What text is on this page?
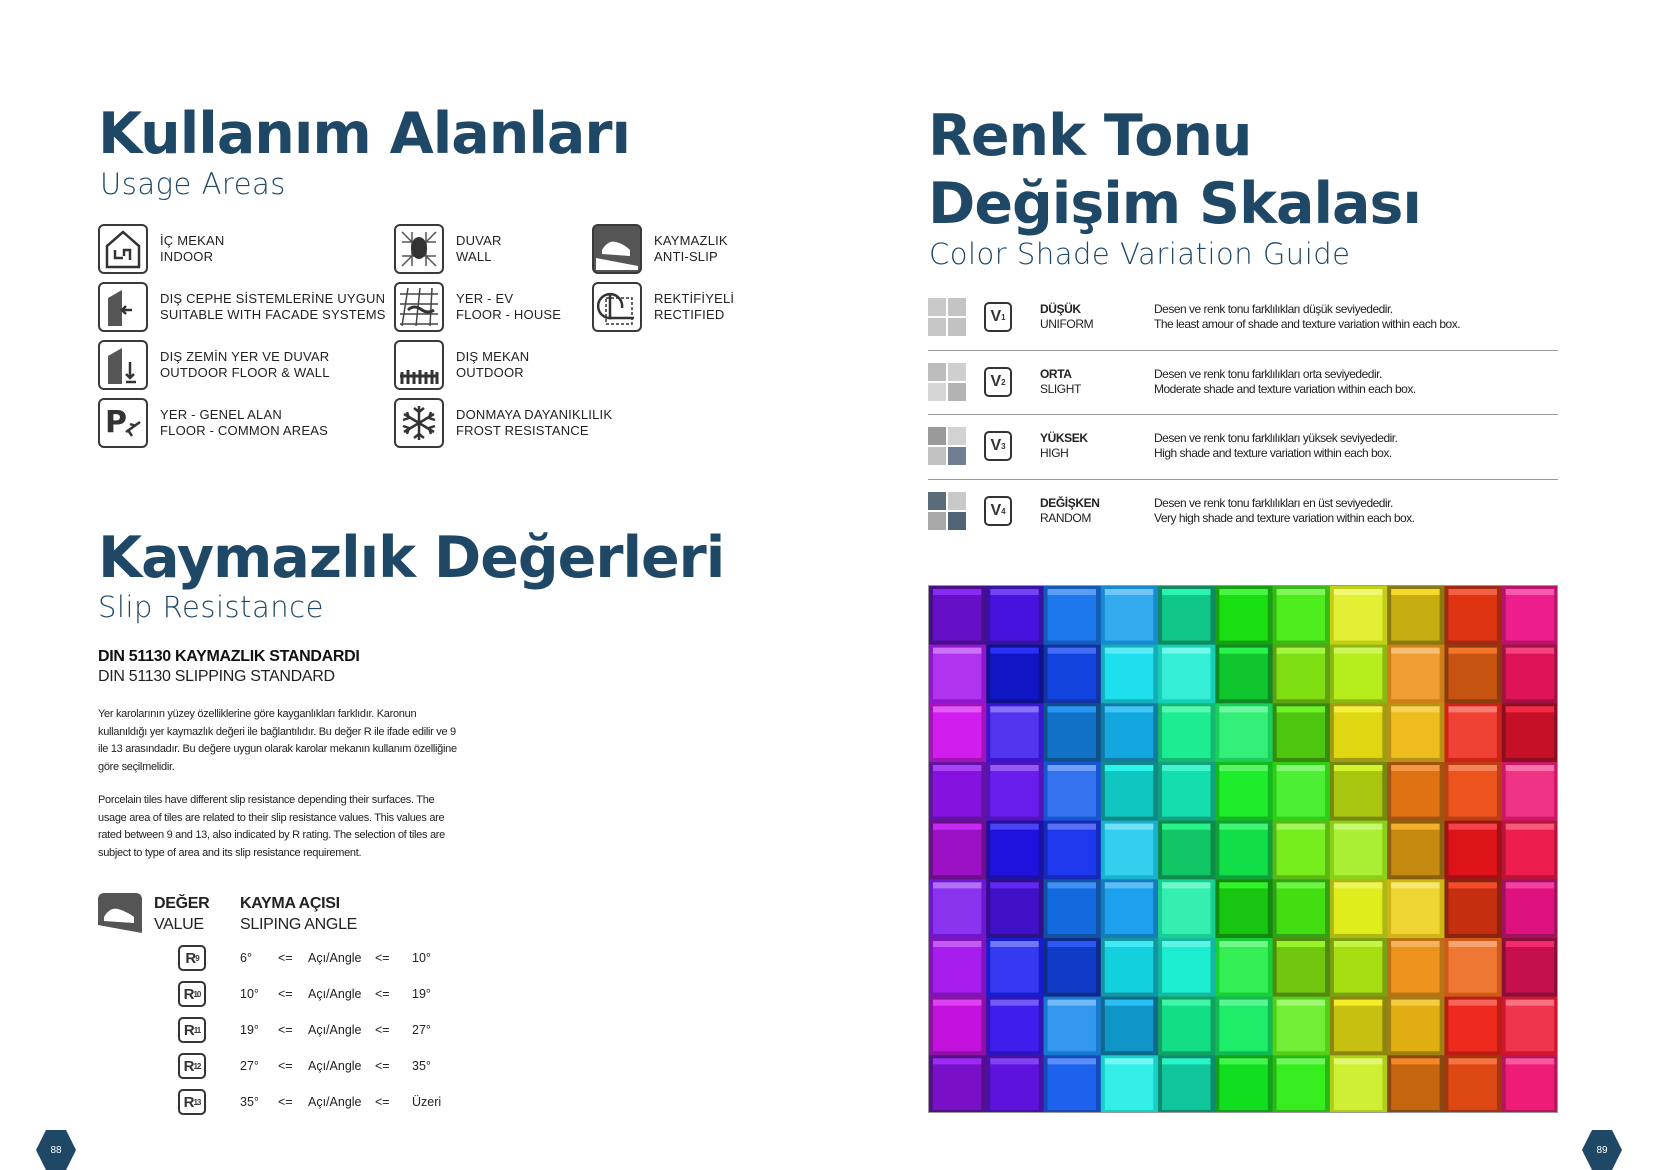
Kullanım Alanları
Usage Areas
İÇ MEKAN
INDOOR
DIŞ CEPHE SİSTEMLERİNE UYGUN
SUITABLE WITH FACADE SYSTEMS
DIŞ ZEMİN YER VE DUVAR
OUTDOOR FLOOR & WALL
P	YER - GENEL ALAN
FLOOR - COMMON AREAS
DUVAR
WALL
YER - EV
FLOOR - HOUSE
DIŞ MEKAN
OUTDOOR
DONMAYA DAYANIKLILIK
FROST RESISTANCE
KAYMAZLIK
ANTI-SLIP
REKTİFİYELİ
RECTIFIED
Kaymazlık Değerleri
Slip Resistance
DIN 51130 KAYMAZLIK STANDARDI
DIN 51130 SLIPPING STANDARD

Yer karolarının yüzey özelliklerine göre kayganlıkları farklıdır. Karonun kullanıldığı yer kaymazlık değeri ile bağlantılıdır. Bu değer R ile ifade edilir ve 9 ile 13 arasındadır. Bu değere uygun olarak karolar mekanın kullanım özelliğine göre seçilmelidir.

Porcelain tiles have different slip resistance depending their surfaces. The usage area of tiles are related to their slip resistance values. This values are rated between 9 and 13, also indicated by R rating. The selection of tiles are subject to type of area and its slip resistance requirement.

DEĞER
VALUE
KAYMA AÇISI
SLIPING ANGLE
R 9	6° <= Açı/Angle <= 10°
R 10	10° <= Açı/Angle <= 19°
R 11	19° <= Açı/Angle <= 27°
R 12	27° <= Açı/Angle <= 35°
R 13	35° <= Açı/Angle <= Üzeri
88
Renk Tonu
Değişim Skalası
Color Shade Variation Guide
V 1
DÜŞÜK
UNIFORM
Desen ve renk tonu farklılıkları düşük seviyededir.
The least amour of shade and texture variation within each box.
V 2
ORTA
SLIGHT
Desen ve renk tonu farklılıkları orta seviyededir.
Moderate shade and texture variation within each box.
V 3
YÜKSEK
HIGH
Desen ve renk tonu farklılıkları yüksek seviyededir.
High shade and texture variation within each box.
V 4
DEĞİŞKEN
RANDOM
Desen ve renk tonu farklılıkları en üst seviyededir.
Very high shade and texture variation within each box.
89
